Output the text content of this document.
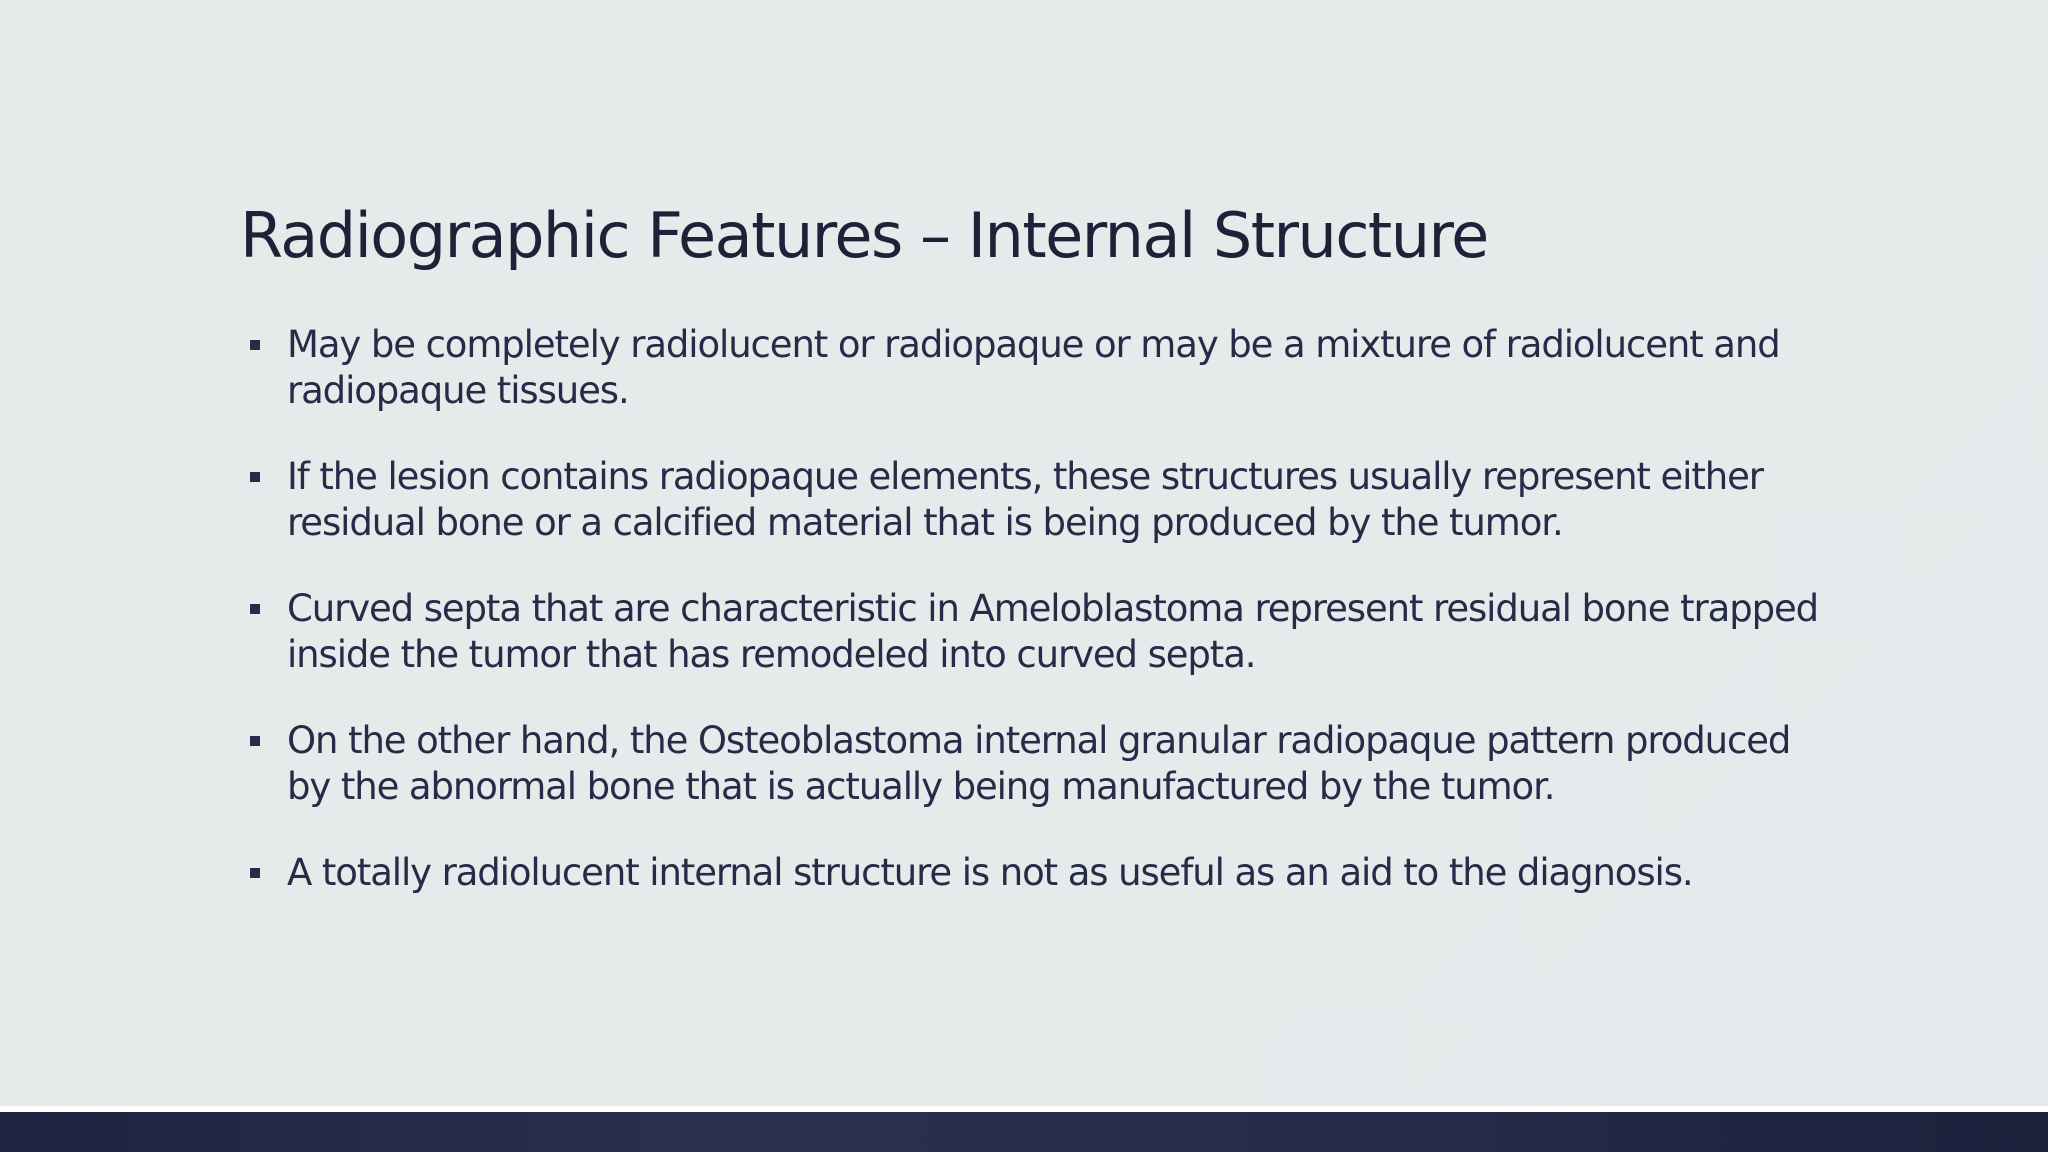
Radiographic Features – Internal Structure
May be completely radiolucent or radiopaque or may be a mixture of radiolucent and radiopaque tissues.
If the lesion contains radiopaque elements, these structures usually represent either residual bone or a calcified material that is being produced by the tumor.
Curved septa that are characteristic in Ameloblastoma represent residual bone trapped inside the tumor that has remodeled into curved septa.
On the other hand, the Osteoblastoma internal granular radiopaque pattern produced by the abnormal bone that is actually being manufactured by the tumor.
A totally radiolucent internal structure is not as useful as an aid to the diagnosis.
